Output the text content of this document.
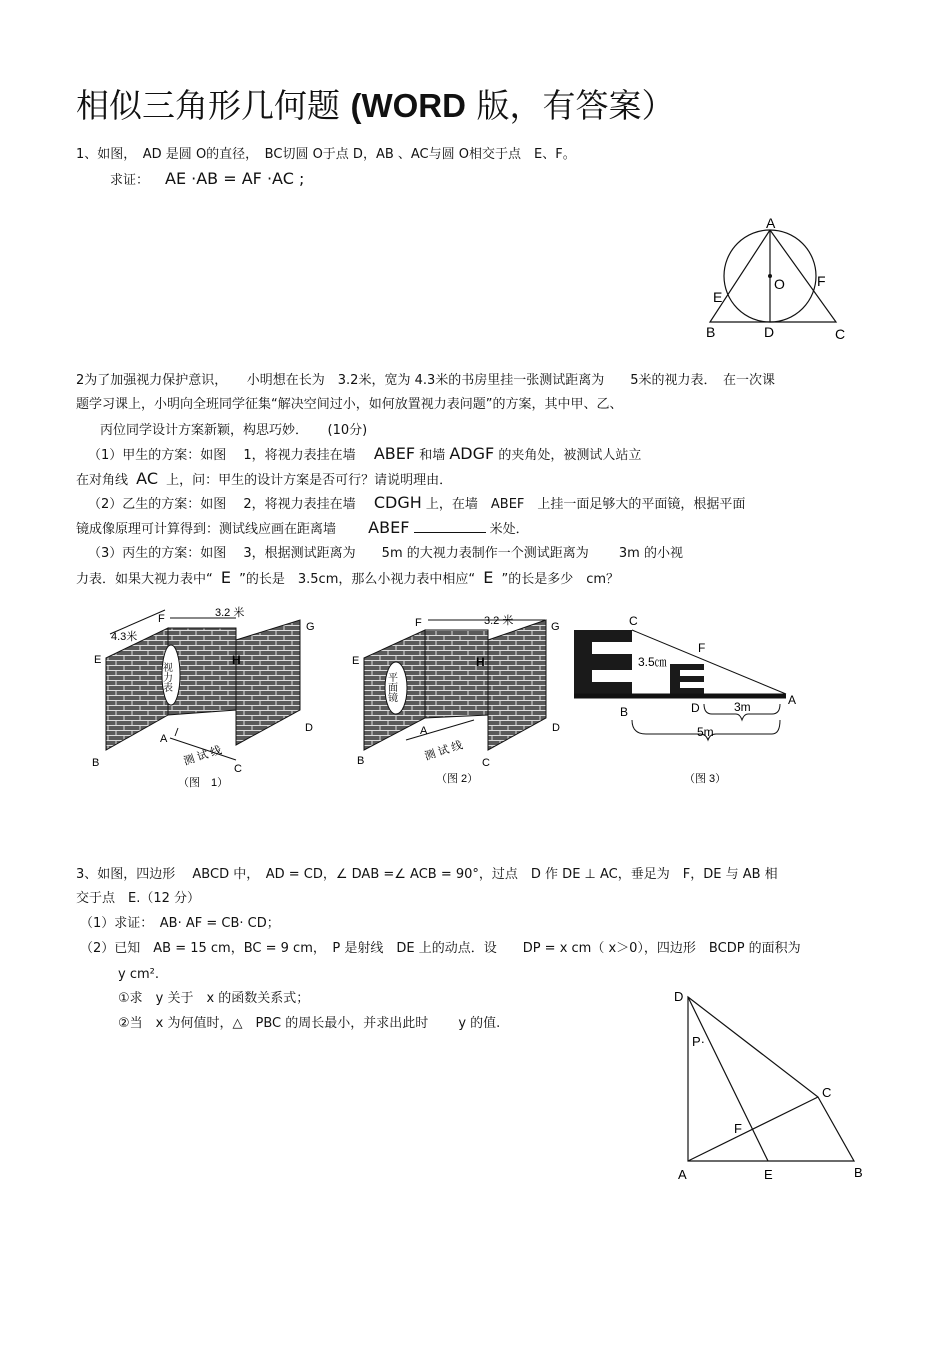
相似三角形几何题 (WORD 版，有答案）
1、如图，　AD 是圆 O的直径，　BC切圆 O于点 D，AB 、AC与圆 O相交于点　E、F。
求证： AE ·AB = AF ·AC ;
A
O
E
F
B	D	C
2为了加强视力保护意识，　　小明想在长为　3.2米，宽为 4.3米的书房里挂一张测试距离为　　5米的视力表．　在一次课
题学习课上，小明向全班同学征集“解决空间过小，如何放置视力表问题”的方案，其中甲、乙、
丙位同学设计方案新颖，构思巧妙．　　(10分)
（1）甲生的方案：如图　 1，将视力表挂在墙 ABEF 和墙 ADGF 的夹角处，被测试人站立
在对角线 AC 上，问：甲生的设计方案是否可行？请说明理由．
（2）乙生的方案：如图　 2，将视力表挂在墙 CDGH 上，在墙　ABEF　上挂一面足够大的平面镜，根据平面
镜成像原理可计算得到：测试线应画在距离墙 ABEF	米处．
（3）丙生的方案：如图　 3，根据测试距离为　　5m 的大视力表制作一个测试距离为　　 3m 的小视
力表．如果大视力表中“ E ”的长是　3.5cm，那么小视力表中相应“ E ”的长是多少　cm？
视力表
4.3米
3.2 米
F
G
H
E
D
A
B	C
测 试 线
（图　1）
平面镜
3.2 米
F	G
H
E
D
A
B	C
测 试 线
（图 2）
C
F
3.5㎝
A
B	D	3m
5m
（图 3）
3、如图，四边形　 ABCD 中，　AD = CD，∠ DAB =∠ ACB = 90°，过点　D 作 DE ⊥ AC，垂足为　F，DE 与 AB 相
交于点　E.（12 分）
（1）求证：　AB· AF = CB· CD；
（2）已知　AB = 15 cm，BC = 9 cm，　P 是射线　DE 上的动点．设　　DP = x cm（ x＞0），四边形　BCDP 的面积为
y cm².
①求　y 关于　x 的函数关系式；
②当　x 为何值时，△　PBC 的周长最小，并求出此时　　 y 的值.
D
P·
C
F
A	E	B
